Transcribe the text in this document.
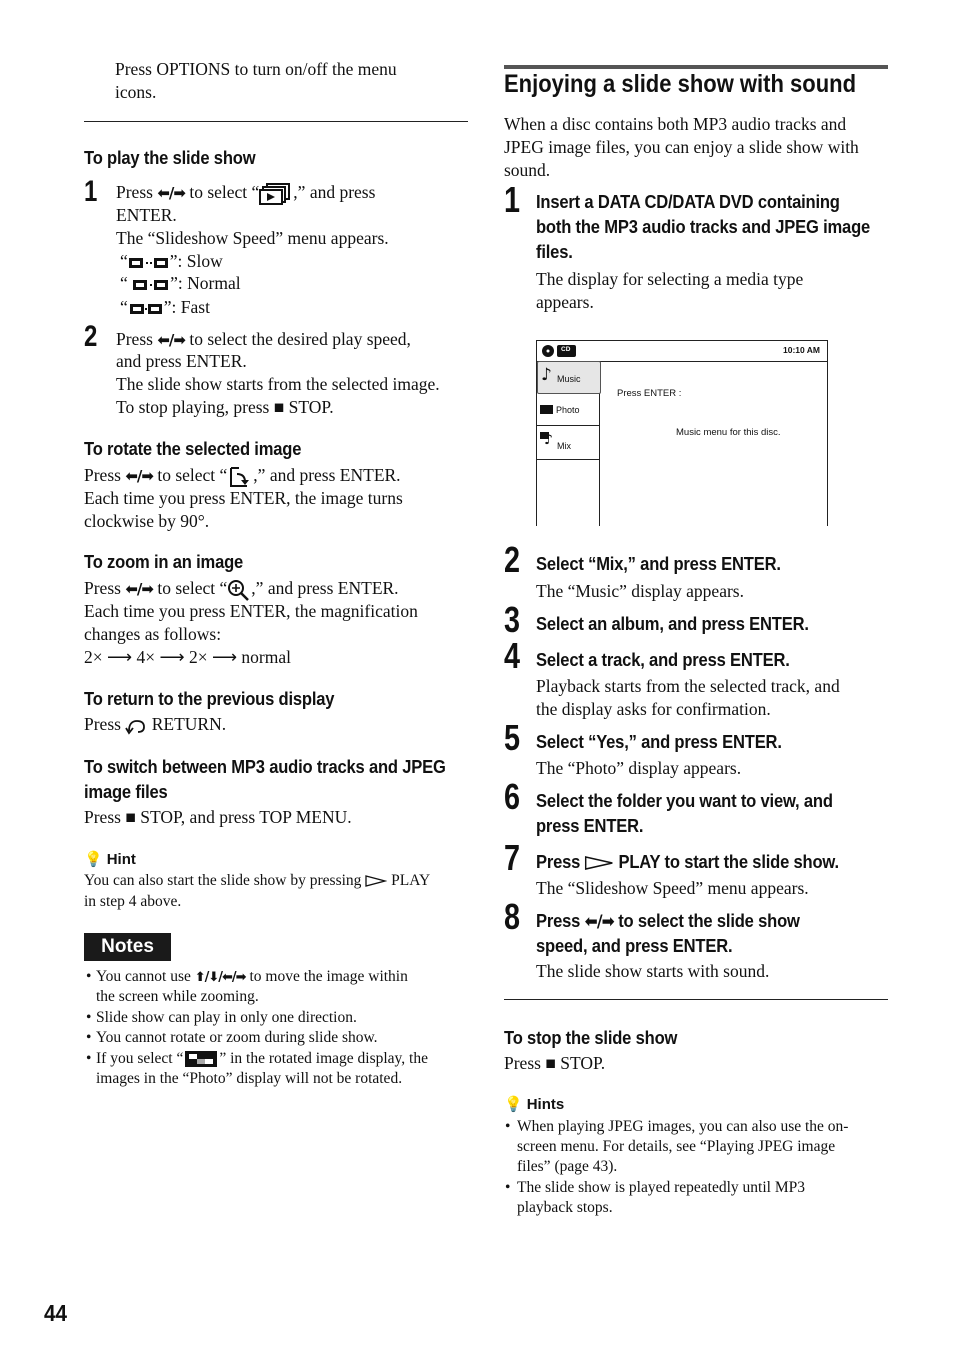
Press OPTIONS to turn on/off the menu
icons.
To play the slide show
1 Press ⬅/➡ to select “ ,” and press
ENTER.
The “Slideshow Speed” menu appears.
“ ”: Slow
“ ”: Normal
“ ”: Fast
2 Press ⬅/➡ to select the desired play speed,
and press ENTER.
The slide show starts from the selected image.
To stop playing, press ■ STOP.
To rotate the selected image
Press ⬅/➡ to select “ ,” and press ENTER.
Each time you press ENTER, the image turns
clockwise by 90°.
To zoom in an image
Press ⬅/➡ to select “ ,” and press ENTER.
Each time you press ENTER, the magnification
changes as follows:
2× ⟶ 4× ⟶ 2× ⟶ normal
To return to the previous display
Press RETURN.
To switch between MP3 audio tracks and JPEG
image files
Press ■ STOP, and press TOP MENU.
💡 Hint
You can also start the slide show by pressing PLAY
in step 4 above.
Notes
• You cannot use ⬆/⬇/⬅/➡ to move the image within
the screen while zooming.
• Slide show can play in only one direction.
• You cannot rotate or zoom during slide show.
• If you select “ ” in the rotated image display, the
images in the “Photo” display will not be rotated.
44
Enjoying a slide show with sound
When a disc contains both MP3 audio tracks and
JPEG image files, you can enjoy a slide show with
sound.
1 Insert a DATA CD/DATA DVD containing
both the MP3 audio tracks and JPEG image
files.
The display for selecting a media type
appears.
CD	10:10 AM
♪ Music
Photo
♪ Mix
Press ENTER :
Music menu for this disc.
2 Select “Mix,” and press ENTER.
The “Music” display appears.
3 Select an album, and press ENTER.
4 Select a track, and press ENTER.
Playback starts from the selected track, and
the display asks for confirmation.
5 Select “Yes,” and press ENTER.
The “Photo” display appears.
6 Select the folder you want to view, and
press ENTER.
7 Press PLAY to start the slide show.
The “Slideshow Speed” menu appears.
8 Press ⬅/➡ to select the slide show
speed, and press ENTER.
The slide show starts with sound.
To stop the slide show
Press ■ STOP.
💡 Hints
• When playing JPEG images, you can also use the on-
screen menu. For details, see “Playing JPEG image
files” (page 43).
• The slide show is played repeatedly until MP3
playback stops.
